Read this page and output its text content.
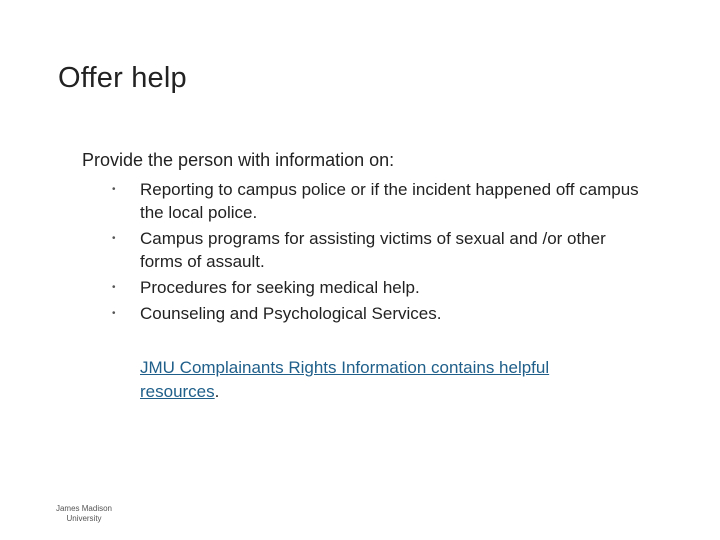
Offer help
Provide the person with information on:
• Reporting to campus police or if the incident happened off campus the local police.
• Campus programs for assisting victims of sexual and /or other forms of assault.
• Procedures for seeking medical help.
• Counseling and Psychological Services.
JMU Complainants Rights Information contains helpful resources.
James Madison
University
